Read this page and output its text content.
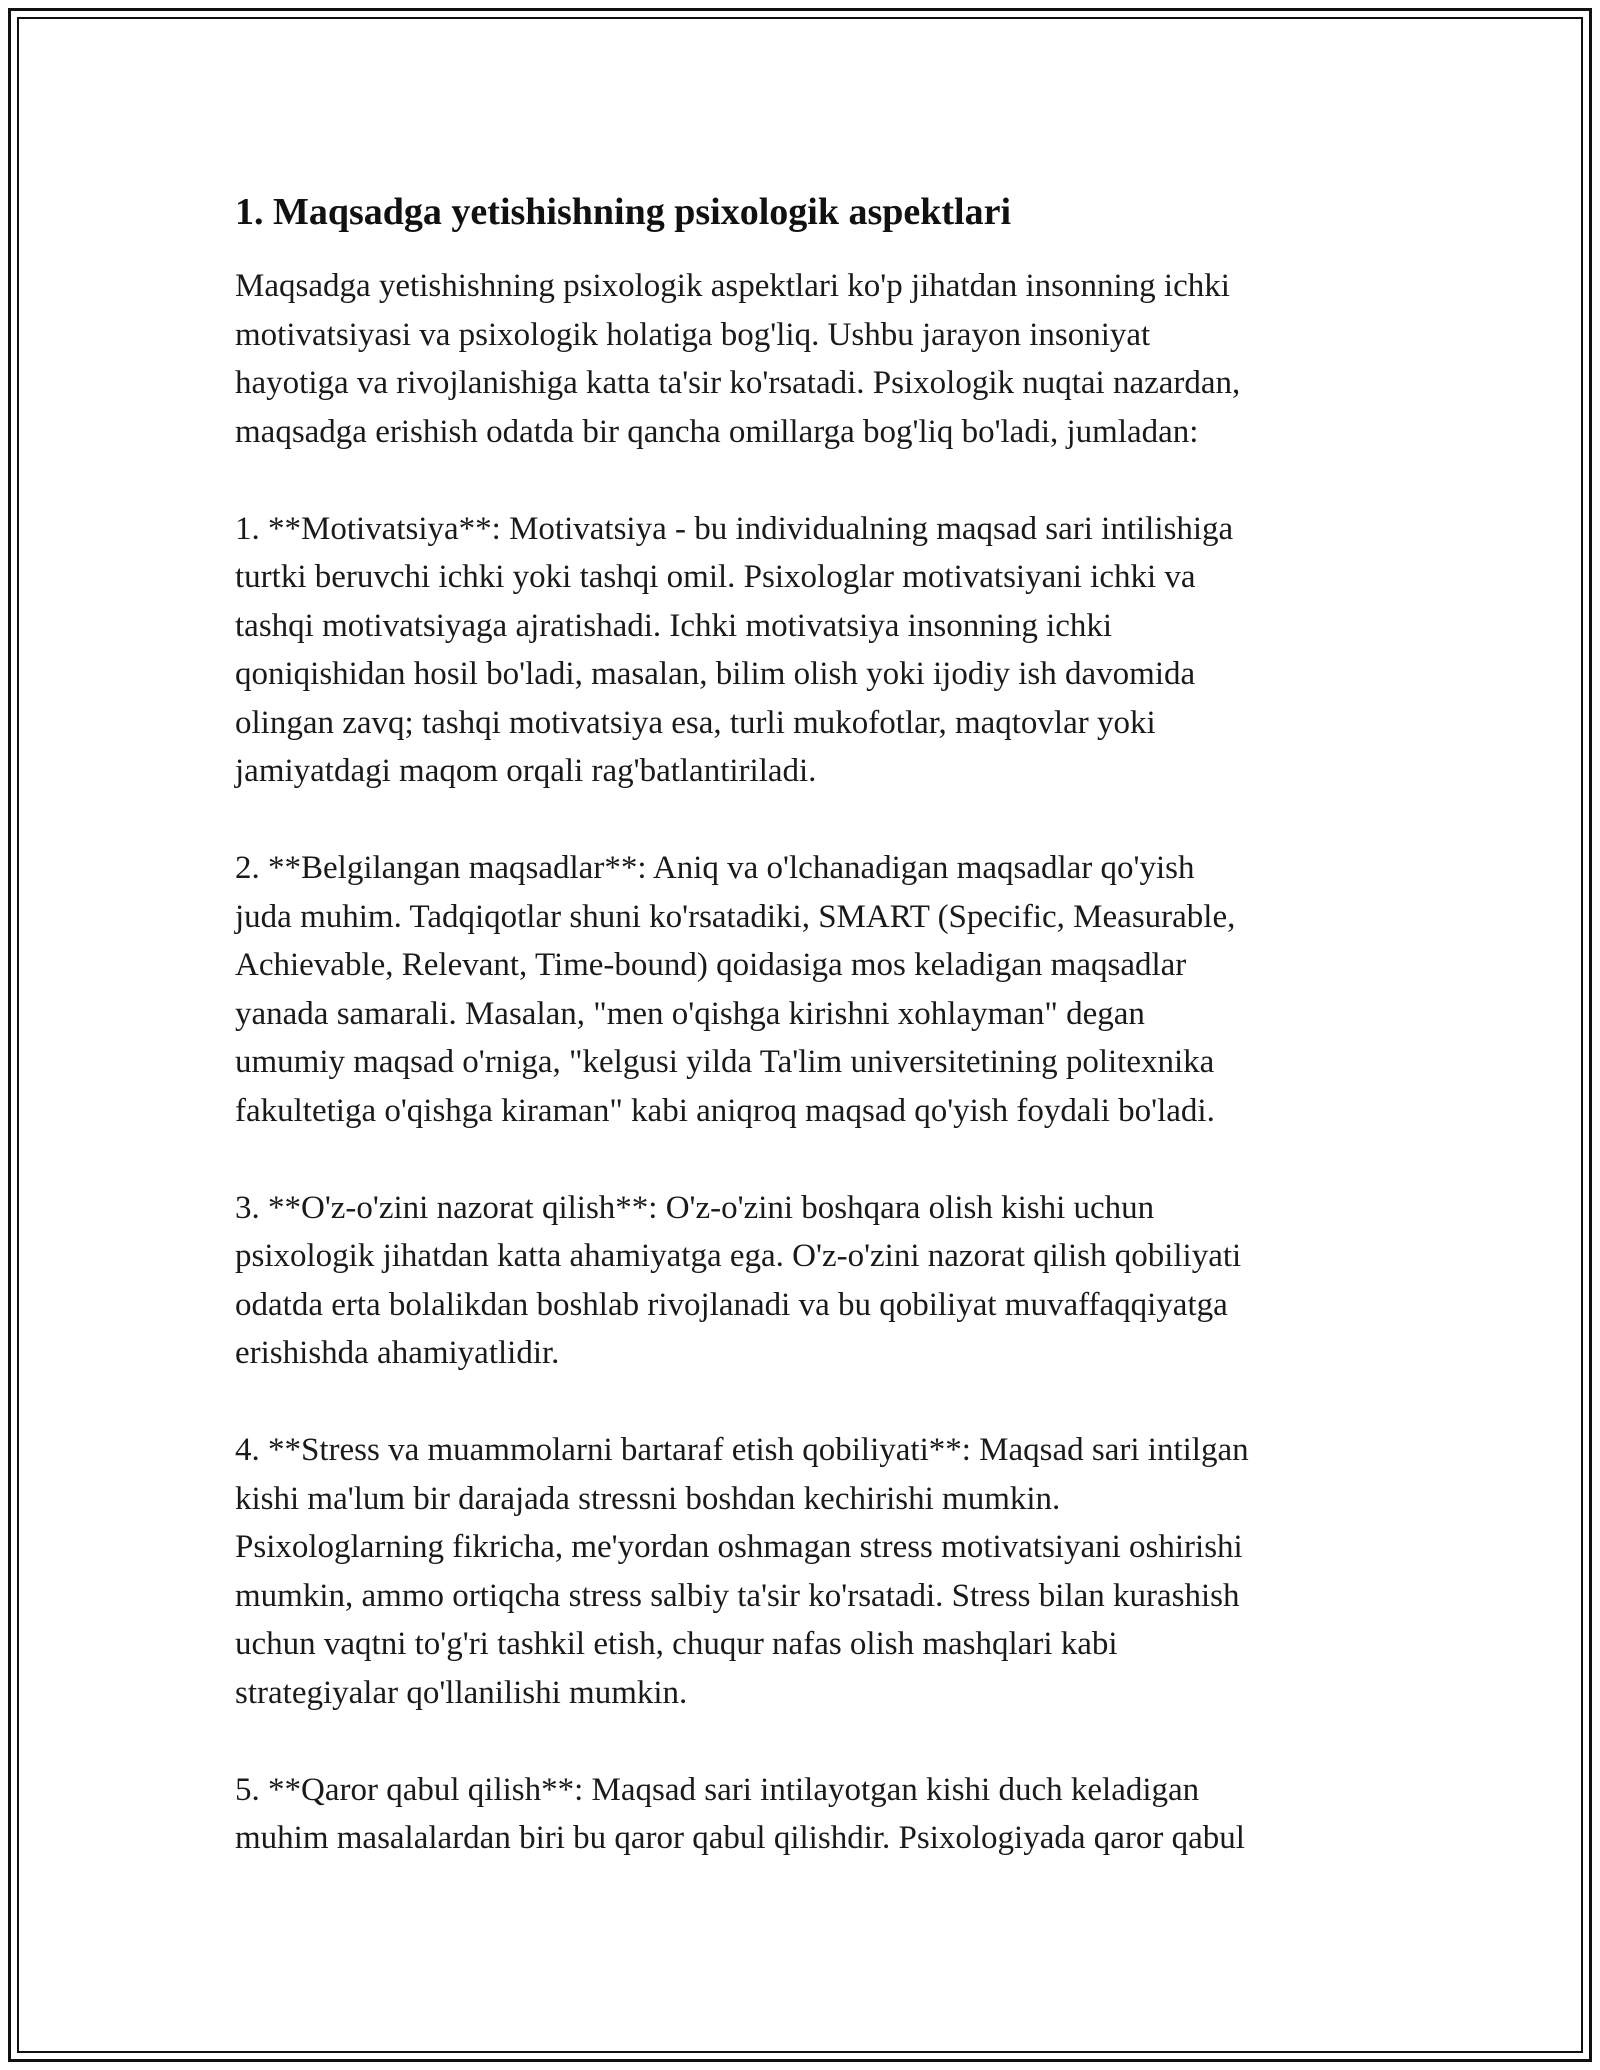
1. Maqsadga yetishishning psixologik aspektlari

Maqsadga yetishishning psixologik aspektlari ko'p jihatdan insonning ichki
motivatsiyasi va psixologik holatiga bog'liq. Ushbu jarayon insoniyat
hayotiga va rivojlanishiga katta ta'sir ko'rsatadi. Psixologik nuqtai nazardan,
maqsadga erishish odatda bir qancha omillarga bog'liq bo'ladi, jumladan:

1. **Motivatsiya**: Motivatsiya - bu individualning maqsad sari intilishiga
turtki beruvchi ichki yoki tashqi omil. Psixologlar motivatsiyani ichki va
tashqi motivatsiyaga ajratishadi. Ichki motivatsiya insonning ichki
qoniqishidan hosil bo'ladi, masalan, bilim olish yoki ijodiy ish davomida
olingan zavq; tashqi motivatsiya esa, turli mukofotlar, maqtovlar yoki
jamiyatdagi maqom orqali rag'batlantiriladi.

2. **Belgilangan maqsadlar**: Aniq va o'lchanadigan maqsadlar qo'yish
juda muhim. Tadqiqotlar shuni ko'rsatadiki, SMART (Specific, Measurable,
Achievable, Relevant, Time-bound) qoidasiga mos keladigan maqsadlar
yanada samarali. Masalan, "men o'qishga kirishni xohlayman" degan
umumiy maqsad o'rniga, "kelgusi yilda Ta'lim universitetining politexnika
fakultetiga o'qishga kiraman" kabi aniqroq maqsad qo'yish foydali bo'ladi.

3. **O'z-o'zini nazorat qilish**: O'z-o'zini boshqara olish kishi uchun
psixologik jihatdan katta ahamiyatga ega. O'z-o'zini nazorat qilish qobiliyati
odatda erta bolalikdan boshlab rivojlanadi va bu qobiliyat muvaffaqqiyatga
erishishda ahamiyatlidir.

4. **Stress va muammolarni bartaraf etish qobiliyati**: Maqsad sari intilgan
kishi ma'lum bir darajada stressni boshdan kechirishi mumkin.
Psixologlarning fikricha, me'yordan oshmagan stress motivatsiyani oshirishi
mumkin, ammo ortiqcha stress salbiy ta'sir ko'rsatadi. Stress bilan kurashish
uchun vaqtni to'g'ri tashkil etish, chuqur nafas olish mashqlari kabi
strategiyalar qo'llanilishi mumkin.

5. **Qaror qabul qilish**: Maqsad sari intilayotgan kishi duch keladigan
muhim masalalardan biri bu qaror qabul qilishdir. Psixologiyada qaror qabul
